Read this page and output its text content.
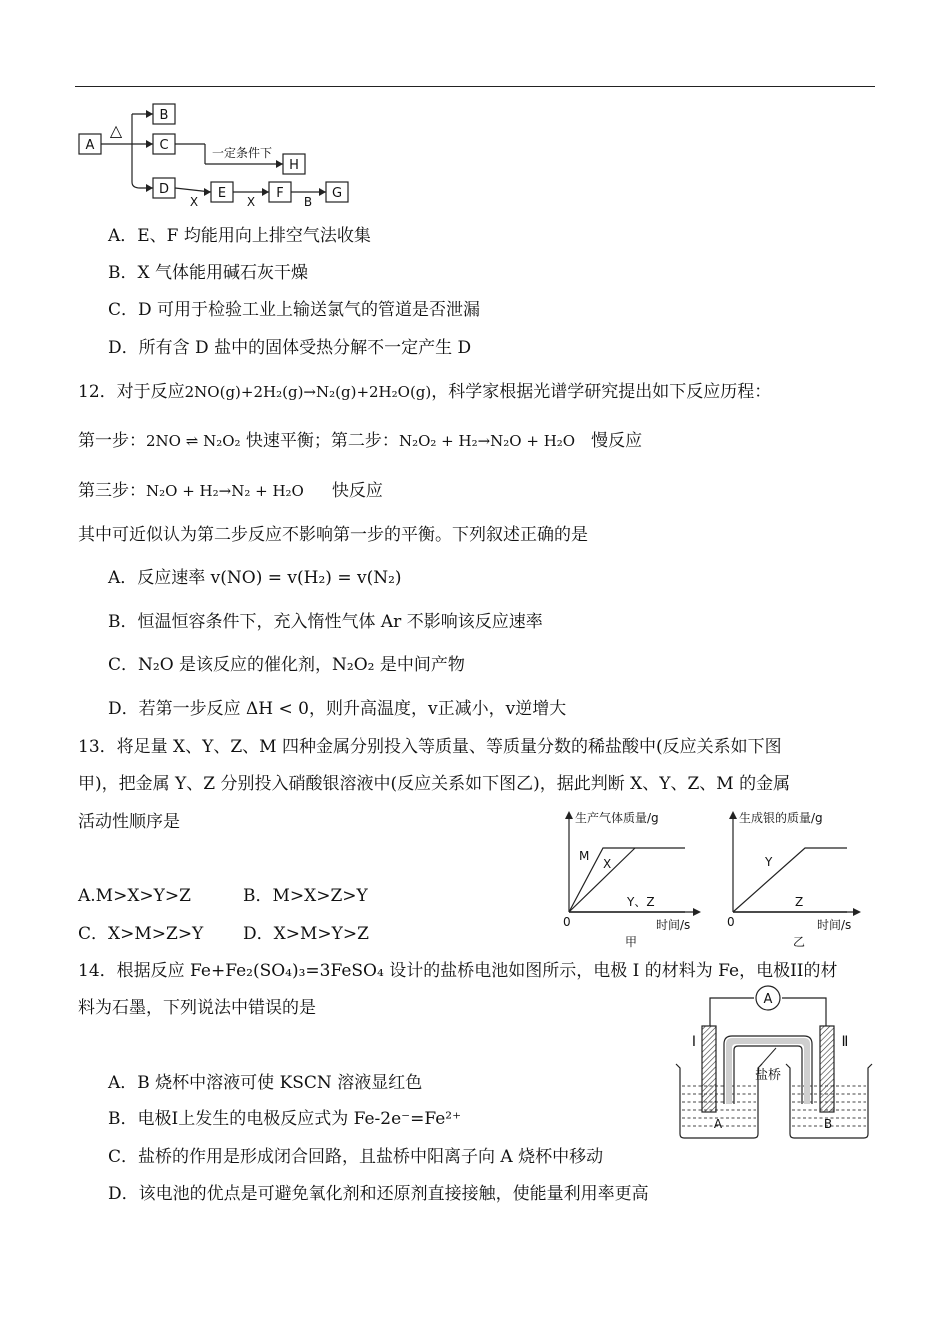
A
B
C
D	E	F	G
H
△
一定条件下
X	X	B
A．E、F 均能用向上排空气法收集
B．X 气体能用碱石灰干燥
C．D 可用于检验工业上输送氯气的管道是否泄漏
D．所有含 D 盐中的固体受热分解不一定产生 D
12．对于反应2NO(g)+2H₂(g)→N₂(g)+2H₂O(g)，科学家根据光谱学研究提出如下反应历程：
第一步：2NO ⇌ N₂O₂ 快速平衡；第二步：N₂O₂ + H₂→N₂O + H₂O 慢反应
第三步：N₂O + H₂→N₂ + H₂O 快反应
其中可近似认为第二步反应不影响第一步的平衡。下列叙述正确的是
A．反应速率 v(NO) = v(H₂) = v(N₂)
B．恒温恒容条件下，充入惰性气体 Ar 不影响该反应速率
C．N₂O 是该反应的催化剂，N₂O₂ 是中间产物
D．若第一步反应 ΔH < 0，则升高温度，v正减小，v逆增大
13．将足量 X、Y、Z、M 四种金属分别投入等质量、等质量分数的稀盐酸中(反应关系如下图
甲)，把金属 Y、Z 分别投入硝酸银溶液中(反应关系如下图乙)，据此判断 X、Y、Z、M 的金属
活动性顺序是
A.M>X>Y>Z	B．M>X>Z>Y
C．X>M>Z>Y D．X>M>Y>Z
生产气体质量/g
时间/s
0
M
X
Y、Z
甲
生成银的质量/g
时间/s
0
Y
Z
乙
14．根据反应 Fe+Fe₂(SO₄)₃=3FeSO₄ 设计的盐桥电池如图所示，电极 I 的材料为 Fe，电极II的材
料为石墨，下列说法中错误的是
A．B 烧杯中溶液可使 KSCN 溶液显红色
B．电极I上发生的电极反应式为 Fe-2e⁻=Fe²⁺
C．盐桥的作用是形成闭合回路，且盐桥中阳离子向 A 烧杯中移动
D．该电池的优点是可避免氧化剂和还原剂直接接触，使能量利用率更高
A
I	Ⅱ
盐桥
A	B
